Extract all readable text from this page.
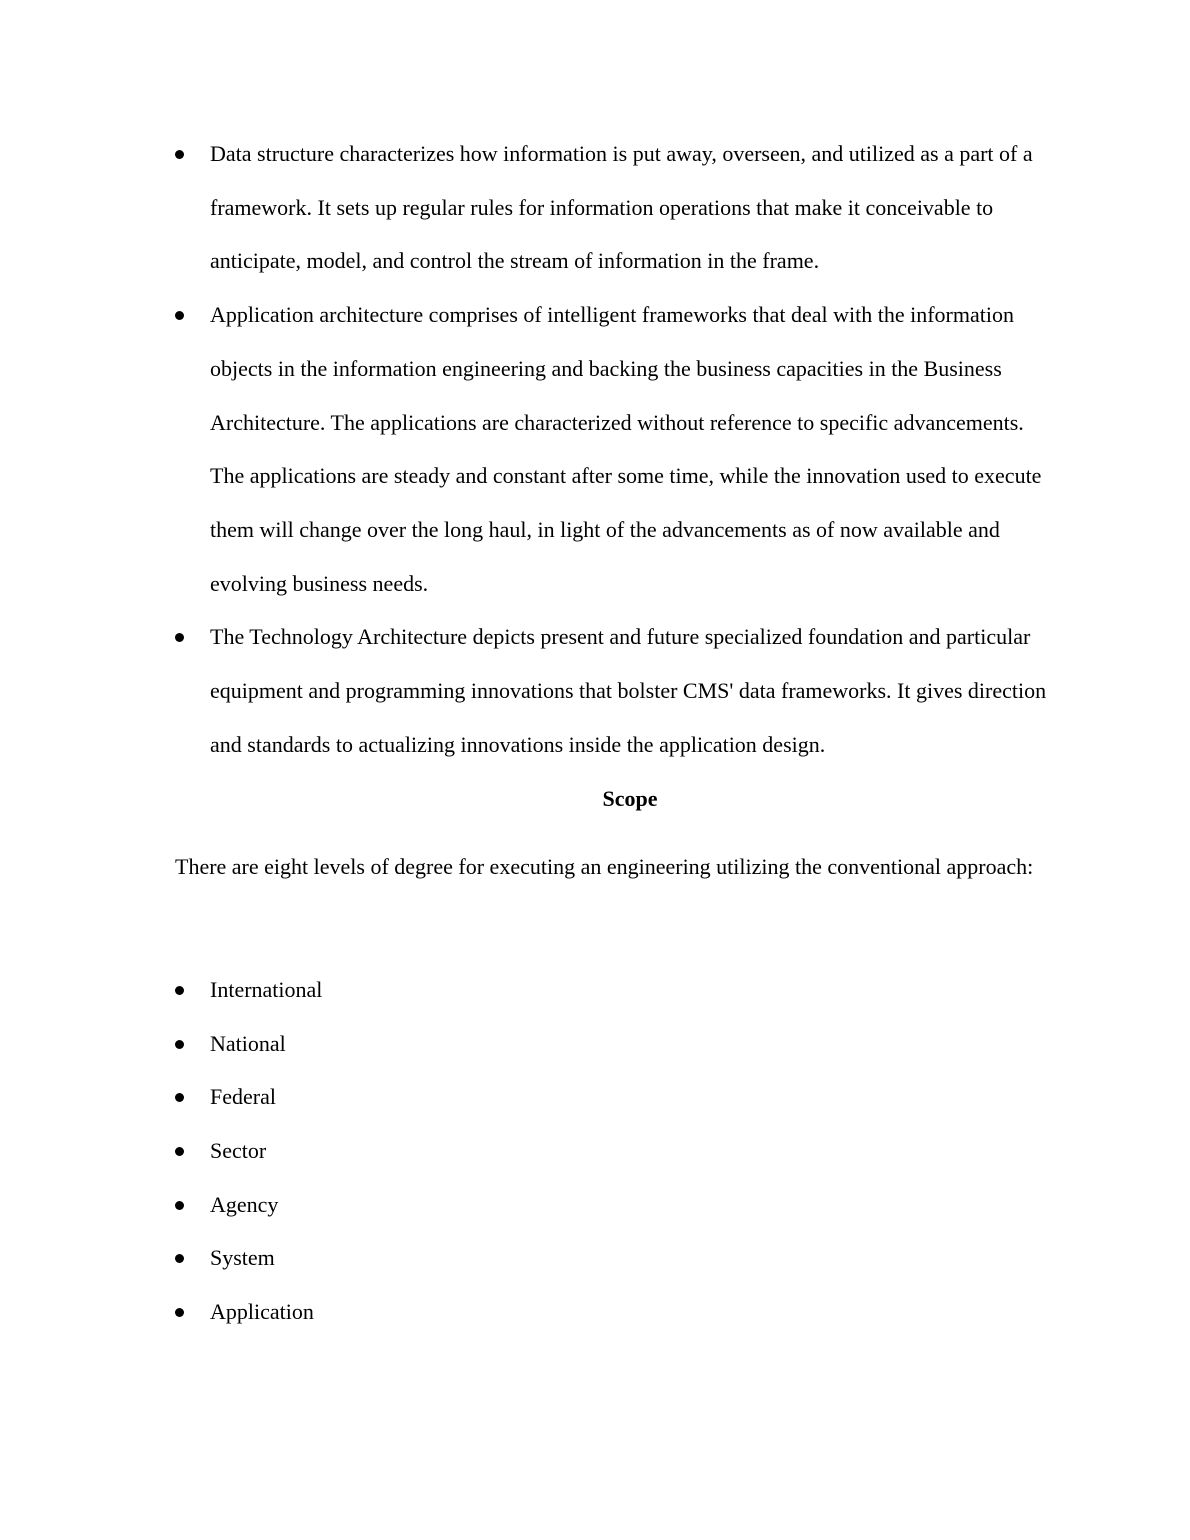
Data structure characterizes how information is put away, overseen, and utilized as a part of a framework. It sets up regular rules for information operations that make it conceivable to anticipate, model, and control the stream of information in the frame.
Application architecture comprises of intelligent frameworks that deal with the information objects in the information engineering and backing the business capacities in the Business Architecture. The applications are characterized without reference to specific advancements. The applications are steady and constant after some time, while the innovation used to execute them will change over the long haul, in light of the advancements as of now available and evolving business needs.
The Technology Architecture depicts present and future specialized foundation and particular equipment and programming innovations that bolster CMS' data frameworks. It gives direction and standards to actualizing innovations inside the application design.
Scope
There are eight levels of degree for executing an engineering utilizing the conventional approach:
International
National
Federal
Sector
Agency
System
Application
